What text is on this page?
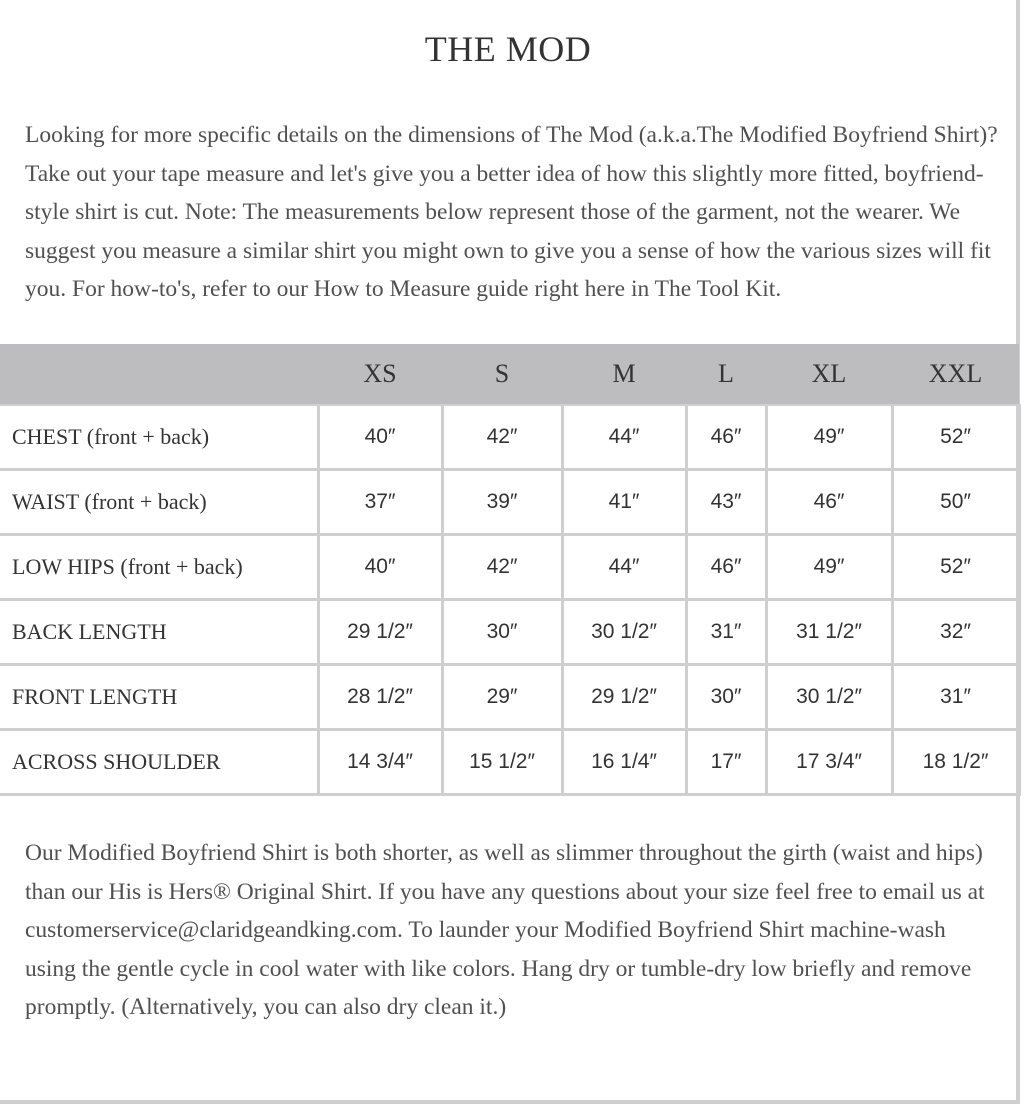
THE MOD

Looking for more specific details on the dimensions of The Mod (a.k.a.The Modified Boyfriend Shirt)? Take out your tape measure and let's give you a better idea of how this slightly more fitted, boyfriend-style shirt is cut. Note: The measurements below represent those of the garment, not the wearer. We suggest you measure a similar shirt you might own to give you a sense of how the various sizes will fit you. For how-to's, refer to our How to Measure guide right here in The Tool Kit.

	XS	S	M	L	XL	XXL
CHEST (front + back)	40″	42″	44″	46″	49″	52″
WAIST (front + back)	37″	39″	41″	43″	46″	50″
LOW HIPS (front + back)	40″	42″	44″	46″	49″	52″
BACK LENGTH	29 1/2″	30″	30 1/2″	31″	31 1/2″	32″
FRONT LENGTH	28 1/2″	29″	29 1/2″	30″	30 1/2″	31″
ACROSS SHOULDER	14 3/4″	15 1/2″	16 1/4″	17″	17 3/4″	18 1/2″

Our Modified Boyfriend Shirt is both shorter, as well as slimmer throughout the girth (waist and hips) than our His is Hers® Original Shirt. If you have any questions about your size feel free to email us at customerservice@claridgeandking.com. To launder your Modified Boyfriend Shirt machine-wash using the gentle cycle in cool water with like colors. Hang dry or tumble-dry low briefly and remove promptly. (Alternatively, you can also dry clean it.)
